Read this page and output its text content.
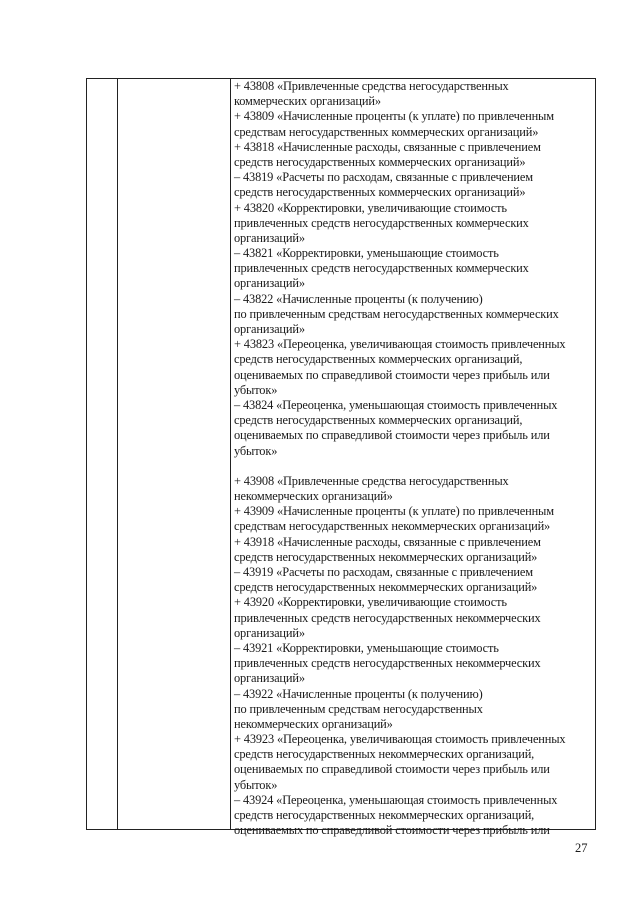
+ 43808 «Привлеченные средства негосударственных
коммерческих организаций»
+ 43809 «Начисленные проценты (к уплате) по привлеченным
средствам негосударственных коммерческих организаций»
+ 43818 «Начисленные расходы, связанные с привлечением
средств негосударственных коммерческих организаций»
– 43819 «Расчеты по расходам, связанные с привлечением
средств негосударственных коммерческих организаций»
+ 43820 «Корректировки, увеличивающие стоимость
привлеченных средств негосударственных коммерческих
организаций»
– 43821 «Корректировки, уменьшающие стоимость
привлеченных средств негосударственных коммерческих
организаций»
– 43822 «Начисленные проценты (к получению)
по привлеченным средствам негосударственных коммерческих
организаций»
+ 43823 «Переоценка, увеличивающая стоимость привлеченных
средств негосударственных коммерческих организаций,
оцениваемых по справедливой стоимости через прибыль или
убыток»
– 43824 «Переоценка, уменьшающая стоимость привлеченных
средств негосударственных коммерческих организаций,
оцениваемых по справедливой стоимости через прибыль или
убыток»
+ 43908 «Привлеченные средства негосударственных
некоммерческих организаций»
+ 43909 «Начисленные проценты (к уплате) по привлеченным
средствам негосударственных некоммерческих организаций»
+ 43918 «Начисленные расходы, связанные с привлечением
средств негосударственных некоммерческих организаций»
– 43919 «Расчеты по расходам, связанные с привлечением
средств негосударственных некоммерческих организаций»
+ 43920 «Корректировки, увеличивающие стоимость
привлеченных средств негосударственных некоммерческих
организаций»
– 43921 «Корректировки, уменьшающие стоимость
привлеченных средств негосударственных некоммерческих
организаций»
– 43922 «Начисленные проценты (к получению)
по привлеченным средствам негосударственных
некоммерческих организаций»
+ 43923 «Переоценка, увеличивающая стоимость привлеченных
средств негосударственных некоммерческих организаций,
оцениваемых по справедливой стоимости через прибыль или
убыток»
– 43924 «Переоценка, уменьшающая стоимость привлеченных
средств негосударственных некоммерческих организаций,
оцениваемых по справедливой стоимости через прибыль или
27
